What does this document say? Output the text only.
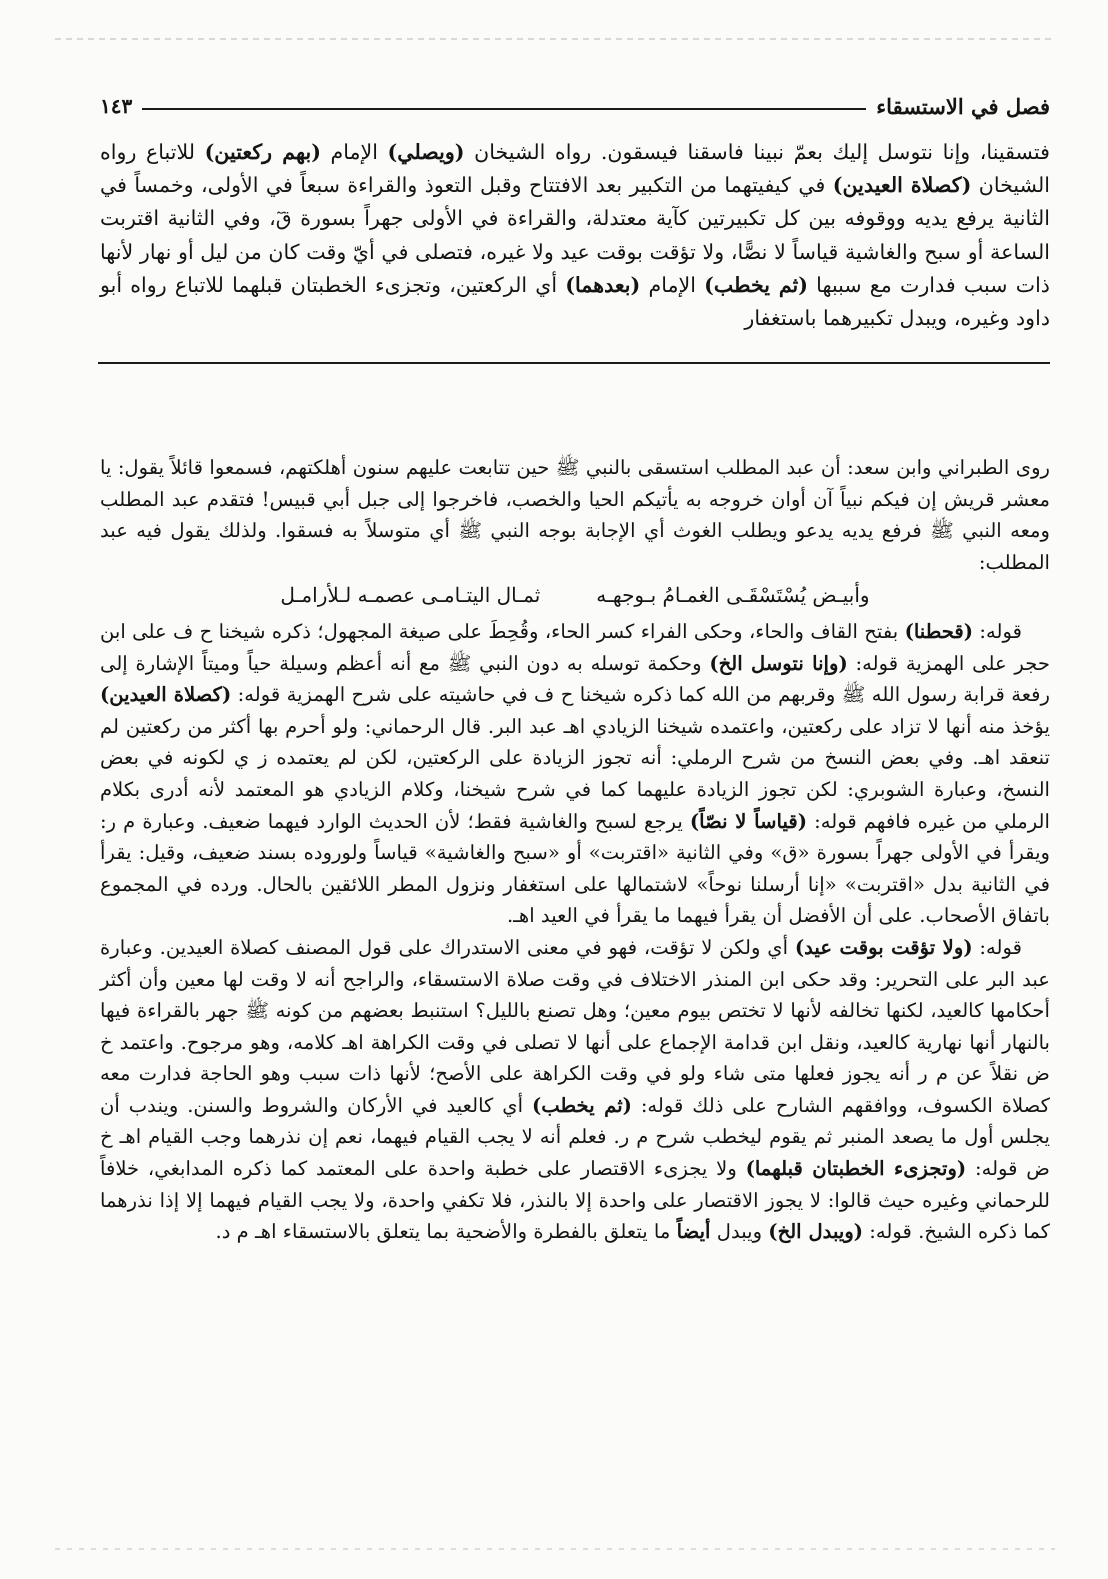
فصل في الاستسقاء
١٤٣

فتسقينا، وإنا نتوسل إليك بعمّ نبينا فاسقنا فيسقون. رواه الشيخان (ويصلي) الإمام (بهم ركعتين) للاتباع رواه الشيخان (كصلاة العيدين) في كيفيتهما من التكبير بعد الافتتاح وقبل التعوذ والقراءة سبعاً في الأولى، وخمساً في الثانية يرفع يديه ووقوفه بين كل تكبيرتين كآية معتدلة، والقراءة في الأولى جهراً بسورة قٓ، وفي الثانية اقتربت الساعة أو سبح والغاشية قياساً لا نصًّا، ولا تؤقت بوقت عيد ولا غيره، فتصلى في أيّ وقت كان من ليل أو نهار لأنها ذات سبب فدارت مع سببها (ثم يخطب) الإمام (بعدهما) أي الركعتين، وتجزىء الخطبتان قبلهما للاتباع رواه أبو داود وغيره، ويبدل تكبيرهما باستغفار

روى الطبراني وابن سعد: أن عبد المطلب استسقى بالنبي ﷺ حين تتابعت عليهم سنون أهلكتهم، فسمعوا قائلاً يقول: يا معشر قريش إن فيكم نبياً آن أوان خروجه به يأتيكم الحيا والخصب، فاخرجوا إلى جبل أبي قبيس! فتقدم عبد المطلب ومعه النبي ﷺ فرفع يديه يدعو ويطلب الغوث أي الإجابة بوجه النبي ﷺ أي متوسلاً به فسقوا. ولذلك يقول فيه عبد المطلب:

وأبيـض يُسْتَسْقَـى الغمـامُ بـوجهـه
ثمـال اليتـامـى عصمـه لـلأرامـل

قوله: (قحطنا) بفتح القاف والحاء، وحكى الفراء كسر الحاء، وقُحِطَ على صيغة المجهول؛ ذكره شيخنا ح ف على ابن حجر على الهمزية قوله: (وإنا نتوسل الخ) وحكمة توسله به دون النبي ﷺ مع أنه أعظم وسيلة حياً وميتاً الإشارة إلى رفعة قرابة رسول الله ﷺ وقربهم من الله كما ذكره شيخنا ح ف في حاشيته على شرح الهمزية قوله: (كصلاة العيدين) يؤخذ منه أنها لا تزاد على ركعتين، واعتمده شيخنا الزيادي اهـ عبد البر. قال الرحماني: ولو أحرم بها أكثر من ركعتين لم تنعقد اهـ. وفي بعض النسخ من شرح الرملي: أنه تجوز الزيادة على الركعتين، لكن لم يعتمده ز ي لكونه في بعض النسخ، وعبارة الشوبري: لكن تجوز الزيادة عليهما كما في شرح شيخنا، وكلام الزيادي هو المعتمد لأنه أدرى بكلام الرملي من غيره فافهم قوله: (قياساً لا نصّاً) يرجع لسبح والغاشية فقط؛ لأن الحديث الوارد فيهما ضعيف. وعبارة م ر: ويقرأ في الأولى جهراً بسورة «ق» وفي الثانية «اقتربت» أو «سبح والغاشية» قياساً ولوروده بسند ضعيف، وقيل: يقرأ في الثانية بدل «اقتربت» «إنا أرسلنا نوحاً» لاشتمالها على استغفار ونزول المطر اللائقين بالحال. ورده في المجموع باتفاق الأصحاب. على أن الأفضل أن يقرأ فيهما ما يقرأ في العيد اهـ.

قوله: (ولا تؤقت بوقت عيد) أي ولكن لا تؤقت، فهو في معنى الاستدراك على قول المصنف كصلاة العيدين. وعبارة عبد البر على التحرير: وقد حكى ابن المنذر الاختلاف في وقت صلاة الاستسقاء، والراجح أنه لا وقت لها معين وأن أكثر أحكامها كالعيد، لكنها تخالفه لأنها لا تختص بيوم معين؛ وهل تصنع بالليل؟ استنبط بعضهم من كونه ﷺ جهر بالقراءة فيها بالنهار أنها نهارية كالعيد، ونقل ابن قدامة الإجماع على أنها لا تصلى في وقت الكراهة اهـ كلامه، وهو مرجوح. واعتمد خ ض نقلاً عن م ر أنه يجوز فعلها متى شاء ولو في وقت الكراهة على الأصح؛ لأنها ذات سبب وهو الحاجة فدارت معه كصلاة الكسوف، ووافقهم الشارح على ذلك قوله: (ثم يخطب) أي كالعيد في الأركان والشروط والسنن. ويندب أن يجلس أول ما يصعد المنبر ثم يقوم ليخطب شرح م ر. فعلم أنه لا يجب القيام فيهما، نعم إن نذرهما وجب القيام اهـ خ ض قوله: (وتجزىء الخطبتان قبلهما) ولا يجزىء الاقتصار على خطبة واحدة على المعتمد كما ذكره المدابغي، خلافاً للرحماني وغيره حيث قالوا: لا يجوز الاقتصار على واحدة إلا بالنذر، فلا تكفي واحدة، ولا يجب القيام فيهما إلا إذا نذرهما كما ذكره الشيخ. قوله: (ويبدل الخ) ويبدل أيضاً ما يتعلق بالفطرة والأضحية بما يتعلق بالاستسقاء اهـ م د.
